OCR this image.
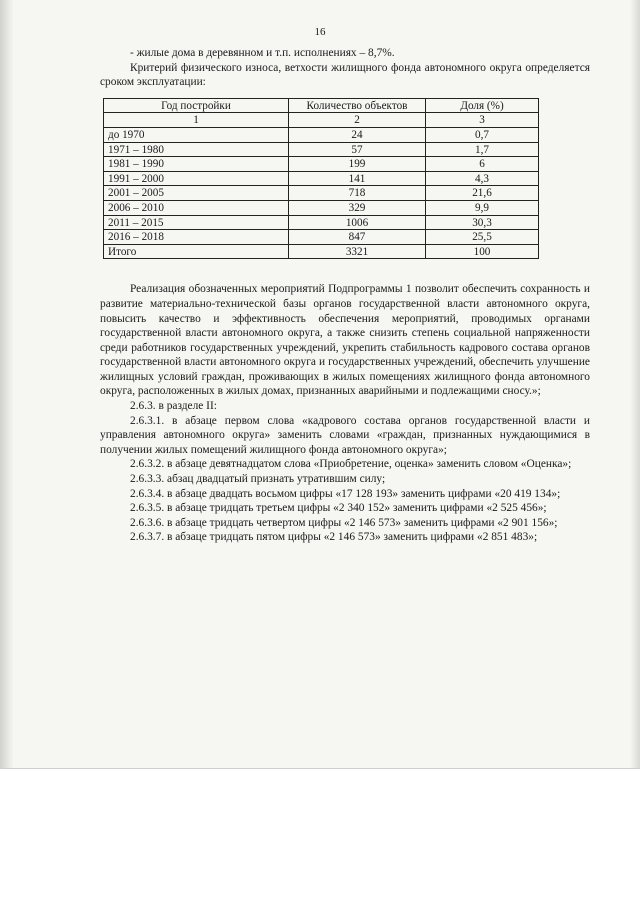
16

- жилые дома в деревянном и т.п. исполнениях – 8,7%.

Критерий физического износа, ветхости жилищного фонда автономного округа определяется сроком эксплуатации:

Год постройки	Количество объектов	Доля (%)
1	2	3
до 1970	24	0,7
1971 – 1980	57	1,7
1981 – 1990	199	6
1991 – 2000	141	4,3
2001 – 2005	718	21,6
2006 – 2010	329	9,9
2011 – 2015	1006	30,3
2016 – 2018	847	25,5
Итого	3321	100

Реализация обозначенных мероприятий Подпрограммы 1 позволит обеспечить сохранность и развитие материально-технической базы органов государственной власти автономного округа, повысить качество и эффективность обеспечения мероприятий, проводимых органами государственной власти автономного округа, а также снизить степень социальной напряженности среди работников государственных учреждений, укрепить стабильность кадрового состава органов государственной власти автономного округа и государственных учреждений, обеспечить улучшение жилищных условий граждан, проживающих в жилых помещениях жилищного фонда автономного округа, расположенных в жилых домах, признанных аварийными и подлежащими сносу.»;

2.6.3. в разделе II:

2.6.3.1. в абзаце первом слова «кадрового состава органов государственной власти и управления автономного округа» заменить словами «граждан, признанных нуждающимися в получении жилых помещений жилищного фонда автономного округа»;

2.6.3.2. в абзаце девятнадцатом слова «Приобретение, оценка» заменить словом «Оценка»;

2.6.3.3. абзац двадцатый признать утратившим силу;

2.6.3.4. в абзаце двадцать восьмом цифры «17 128 193» заменить цифрами «20 419 134»;

2.6.3.5. в абзаце тридцать третьем цифры «2 340 152» заменить цифрами «2 525 456»;

2.6.3.6. в абзаце тридцать четвертом цифры «2 146 573» заменить цифрами «2 901 156»;

2.6.3.7. в абзаце тридцать пятом цифры «2 146 573» заменить цифрами «2 851 483»;
